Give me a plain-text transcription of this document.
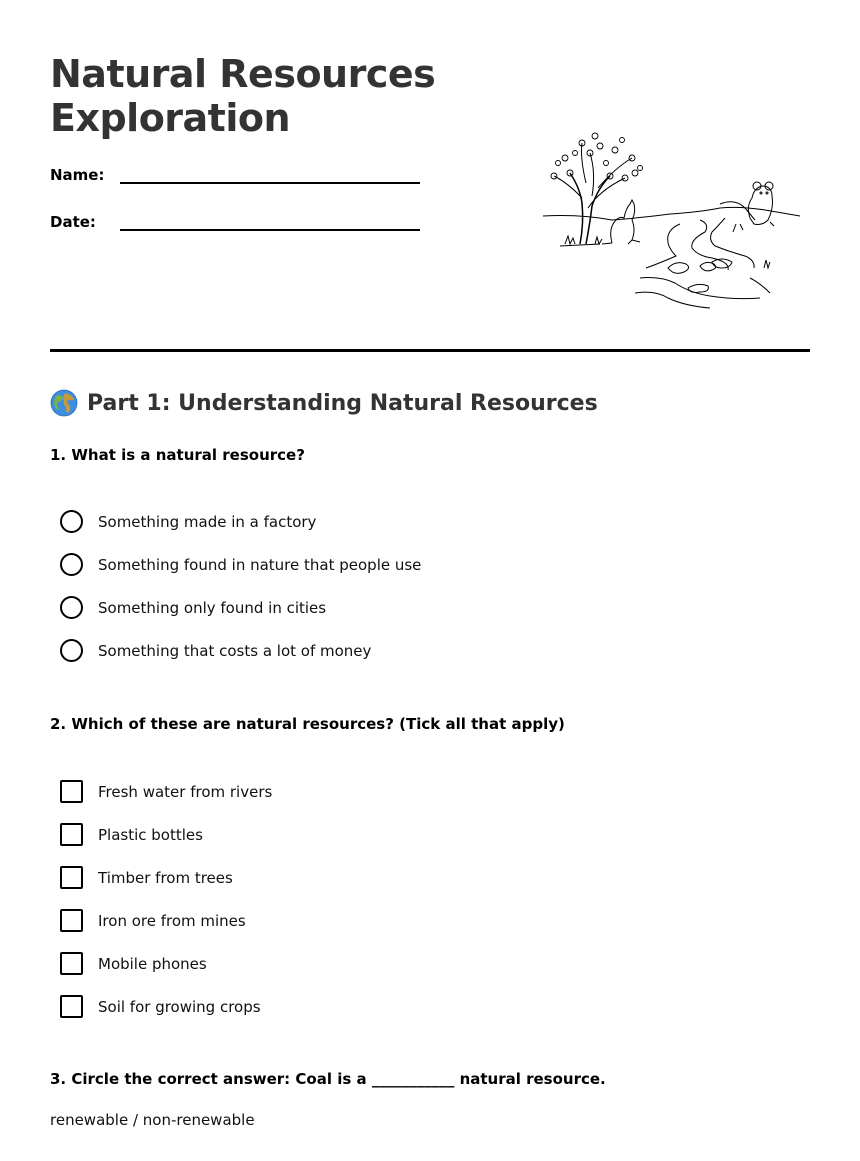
Natural Resources Exploration
Name:
Date:
Part 1: Understanding Natural Resources
1. What is a natural resource?
Something made in a factory
Something found in nature that people use
Something only found in cities
Something that costs a lot of money
2. Which of these are natural resources? (Tick all that apply)
Fresh water from rivers
Plastic bottles
Timber from trees
Iron ore from mines
Mobile phones
Soil for growing crops
3. Circle the correct answer: Coal is a ___________ natural resource.
renewable / non-renewable
